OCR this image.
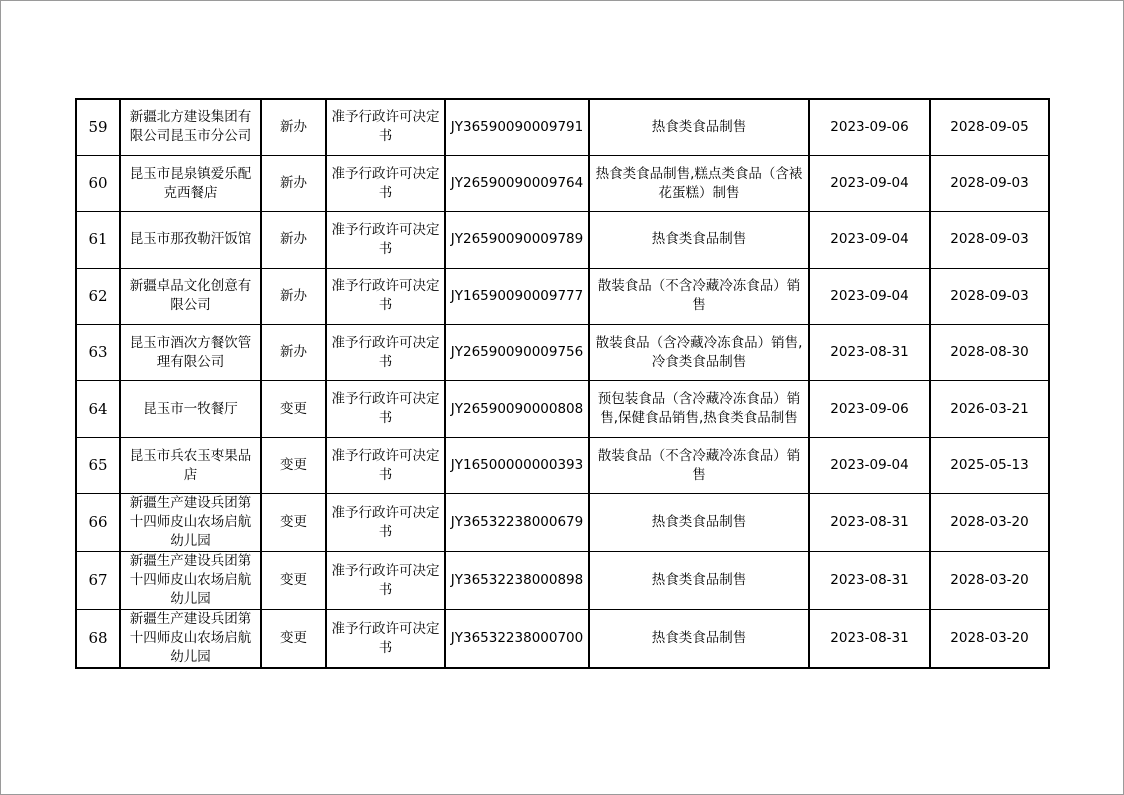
59	新疆北方建设集团有限公司昆玉市分公司	新办	准予行政许可决定书	JY36590090009791	热食类食品制售	2023-09-06	2028-09-05
60	昆玉市昆泉镇爱乐配克西餐店	新办	准予行政许可决定书	JY26590090009764	热食类食品制售,糕点类食品（含裱花蛋糕）制售	2023-09-04	2028-09-03
61	昆玉市那孜勒汗饭馆	新办	准予行政许可决定书	JY26590090009789	热食类食品制售	2023-09-04	2028-09-03
62	新疆卓品文化创意有限公司	新办	准予行政许可决定书	JY16590090009777	散装食品（不含冷藏冷冻食品）销售	2023-09-04	2028-09-03
63	昆玉市酒次方餐饮管理有限公司	新办	准予行政许可决定书	JY26590090009756	散装食品（含冷藏冷冻食品）销售,冷食类食品制售	2023-08-31	2028-08-30
64	昆玉市一牧餐厅	变更	准予行政许可决定书	JY26590090000808	预包装食品（含冷藏冷冻食品）销售,保健食品销售,热食类食品制售	2023-09-06	2026-03-21
65	昆玉市兵农玉枣果品店	变更	准予行政许可决定书	JY16500000000393	散装食品（不含冷藏冷冻食品）销售	2023-09-04	2025-05-13
66	新疆生产建设兵团第十四师皮山农场启航幼儿园	变更	准予行政许可决定书	JY36532238000679	热食类食品制售	2023-08-31	2028-03-20
67	新疆生产建设兵团第十四师皮山农场启航幼儿园	变更	准予行政许可决定书	JY36532238000898	热食类食品制售	2023-08-31	2028-03-20
68	新疆生产建设兵团第十四师皮山农场启航幼儿园	变更	准予行政许可决定书	JY36532238000700	热食类食品制售	2023-08-31	2028-03-20
